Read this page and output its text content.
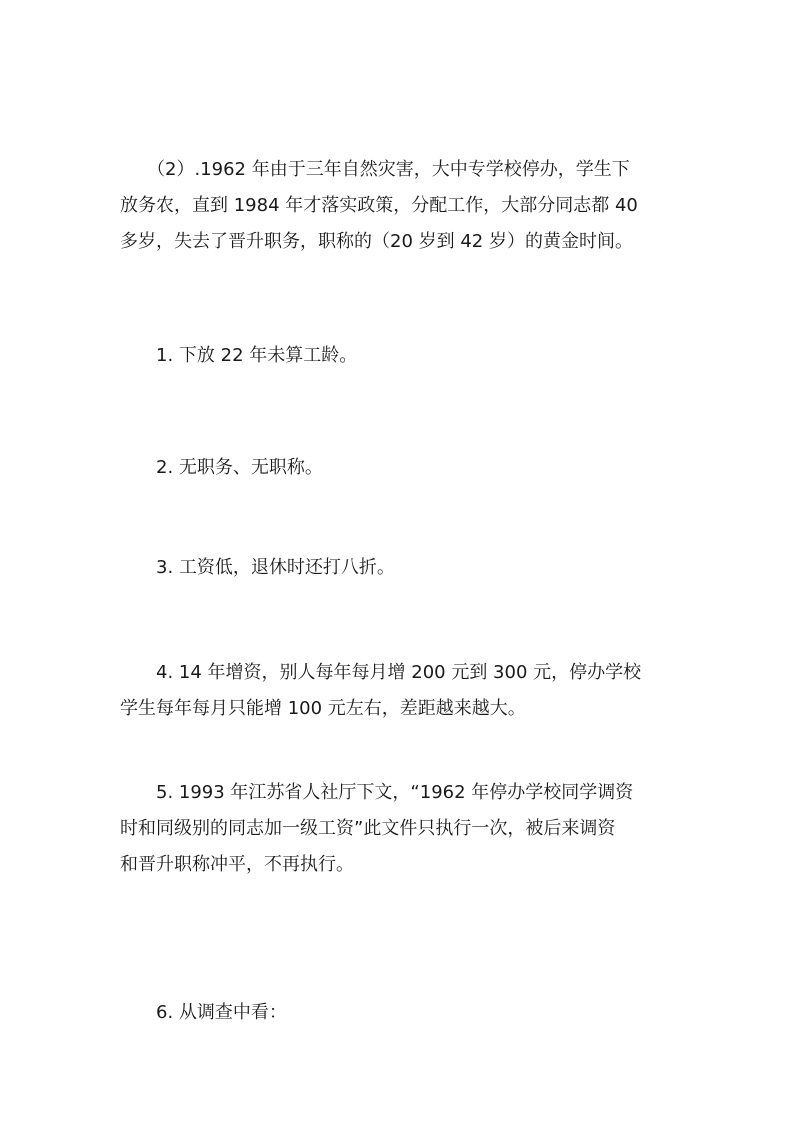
　　（2）.1962 年由于三年自然灾害，大中专学校停办，学生下
放务农，直到 1984 年才落实政策，分配工作，大部分同志都 40
多岁，失去了晋升职务，职称的（20 岁到 42 岁）的黄金时间。

　　1. 下放 22 年未算工龄。

　　2. 无职务、无职称。

　　3. 工资低，退休时还打八折。

　　4. 14 年增资，别人每年每月增 200 元到 300 元，停办学校
学生每年每月只能增 100 元左右，差距越来越大。

　　5. 1993 年江苏省人社厅下文，“1962 年停办学校同学调资
时和同级别的同志加一级工资”此文件只执行一次，被后来调资
和晋升职称冲平，不再执行。

　　6. 从调查中看：
